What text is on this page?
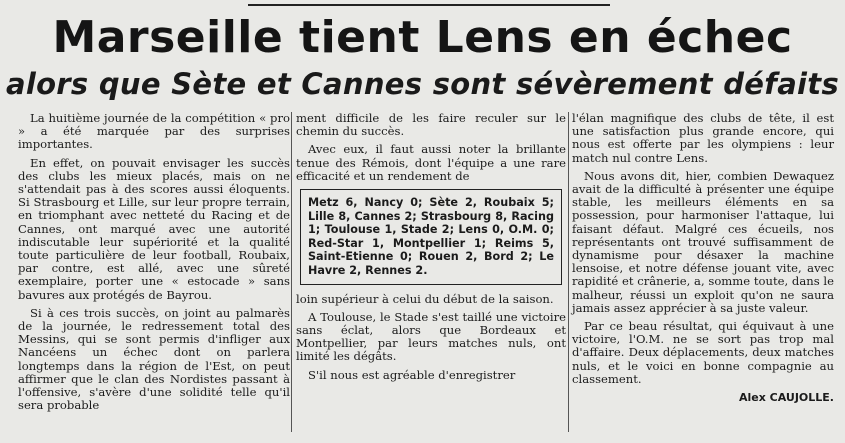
Marseille tient Lens en échec
alors que Sète et Cannes sont sévèrement défaits

La huitième journée de la compétition « pro » a été marquée par des surprises importantes.

En effet, on pouvait envisager les succès des clubs les mieux placés, mais on ne s'attendait pas à des scores aussi éloquents. Si Strasbourg et Lille, sur leur propre terrain, en triomphant avec netteté du Racing et de Cannes, ont marqué avec une autorité indiscutable leur supériorité et la qualité toute particulière de leur football, Roubaix, par contre, est allé, avec une sûreté exemplaire, porter une « estocade » sans bavures aux protégés de Bayrou.

Si à ces trois succès, on joint au palmarès de la journée, le redressement total des Messins, qui se sont permis d'infliger aux Nancéens un échec dont on parlera longtemps dans la région de l'Est, on peut affirmer que le clan des Nordistes passant à l'offensive, s'avère d'une solidité telle qu'il sera probable

ment difficile de les faire reculer sur le chemin du succès.

Avec eux, il faut aussi noter la brillante tenue des Rémois, dont l'équipe a une rare efficacité et un rendement de

Metz 6, Nancy 0; Sète 2, Roubaix 5; Lille 8, Cannes 2; Strasbourg 8, Racing 1; Toulouse 1, Stade 2; Lens 0, O.M. 0; Red-Star 1, Montpellier 1; Reims 5, Saint-Etienne 0; Rouen 2, Bord 2; Le Havre 2, Rennes 2.

loin supérieur à celui du début de la saison.

A Toulouse, le Stade s'est taillé une victoire sans éclat, alors que Bordeaux et Montpellier, par leurs matches nuls, ont limité les dégâts.

S'il nous est agréable d'enregistrer

l'élan magnifique des clubs de tête, il est une satisfaction plus grande encore, qui nous est offerte par les olympiens : leur match nul contre Lens.

Nous avons dit, hier, combien Dewaquez avait de la difficulté à présenter une équipe stable, les meilleurs éléments en sa possession, pour harmoniser l'attaque, lui faisant défaut. Malgré ces écueils, nos représentants ont trouvé suffisamment de dynamisme pour désaxer la machine lensoise, et notre défense jouant vite, avec rapidité et crânerie, a, somme toute, dans le malheur, réussi un exploit qu'on ne saura jamais assez apprécier à sa juste valeur.

Par ce beau résultat, qui équivaut à une victoire, l'O.M. ne se sort pas trop mal d'affaire. Deux déplacements, deux matches nuls, et le voici en bonne compagnie au classement.

Alex CAUJOLLE.
